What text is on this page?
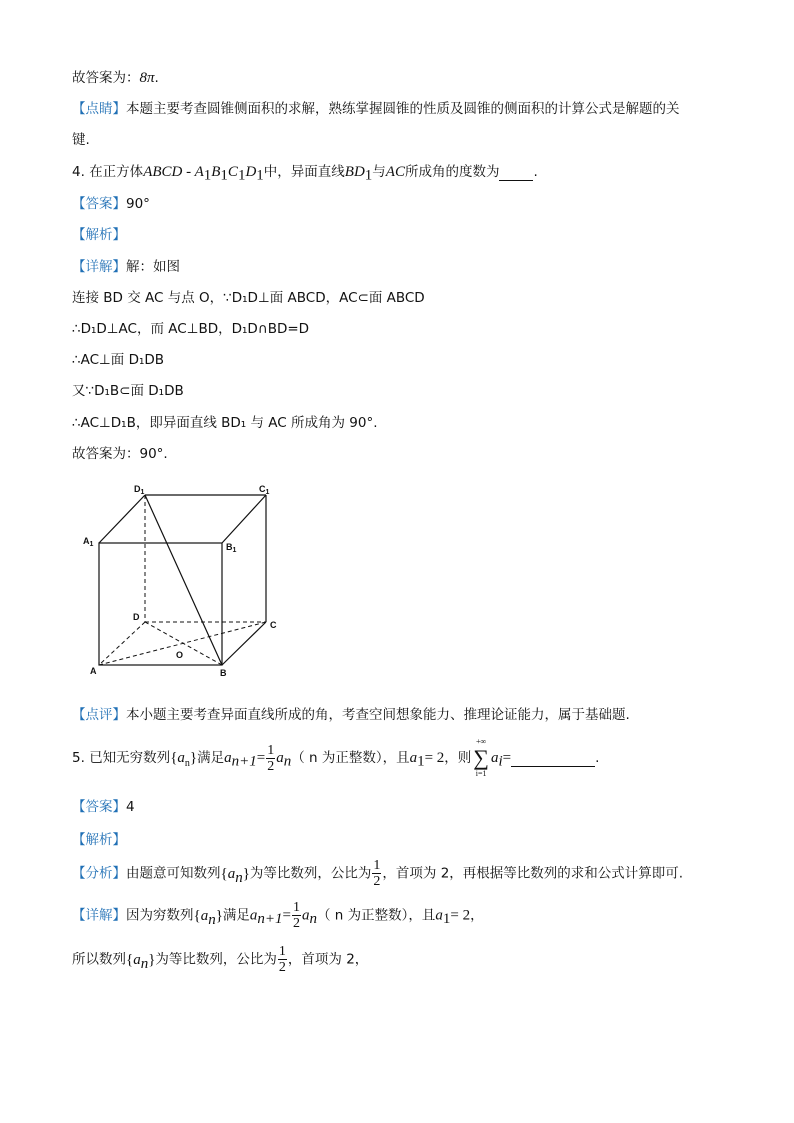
故答案为：8π.
【点睛】本题主要考查圆锥侧面积的求解，熟练掌握圆锥的性质及圆锥的侧面积的计算公式是解题的关
键.
4. 在正方体ABCD - $A_1B_1C_1D_1$中，异面直线$BD_1$与AC所成角的度数为	.
【答案】90°
【解析】
【详解】解：如图
连接 BD 交 AC 与点 O，∵D₁D⊥面 ABCD，AC⊂面 ABCD
∴D₁D⊥AC，而 AC⊥BD，D₁D∩BD=D
∴AC⊥面 D₁DB
又∵D₁B⊂面 D₁DB
∴AC⊥D₁B，即异面直线 BD₁ 与 AC 所成角为 90°.
故答案为：90°.
$D_1$	$C_1$
$A_1$	$B_1$
D
C
A	B
O
【点评】本小题主要考查异面直线所成的角，考查空间想象能力、推理论证能力，属于基础题.
5. 已知无穷数列$\{a_n\}$满足$a_{n+1}= \frac{1}{2} a_n$（ n 为正整数），且$a_1= 2$，则
+∞
∑
i=1
$a_i=$	.
【答案】4
【解析】
【分析】由题意可知数列$\{a_n\}$为等比数列，公比为 $\frac{1}{2}$ ，首项为 2，再根据等比数列的求和公式计算即可.
【详解】因为穷数列$\{a_n\}$满足$a_{n+1}= \frac{1}{2} a_n$（ n 为正整数），且$a_1= 2$，
所以数列$\{a_n\}$为等比数列，公比为 $\frac{1}{2}$ ，首项为 2，
